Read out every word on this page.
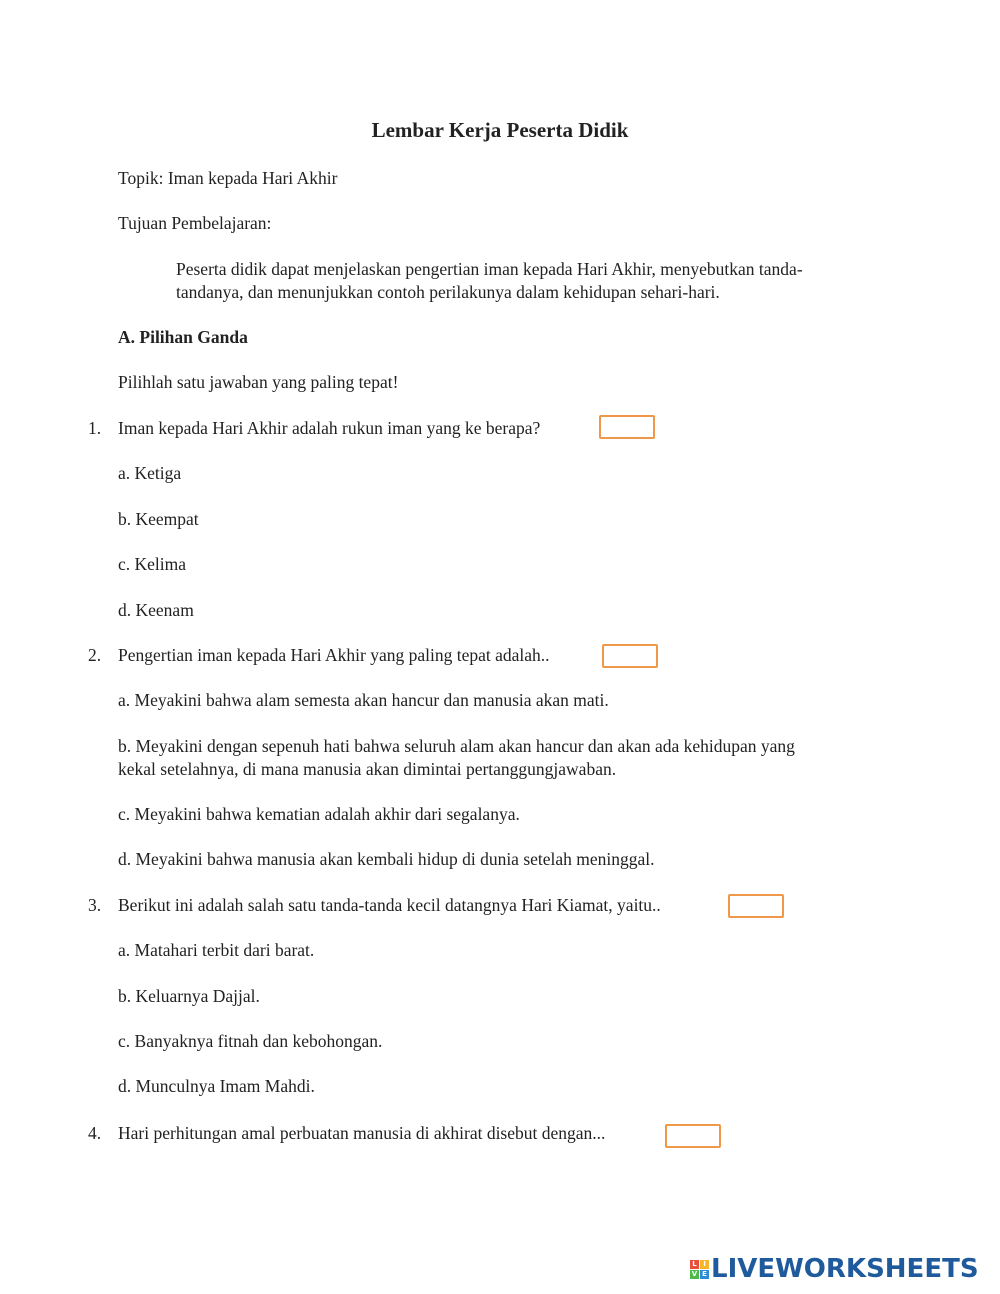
Lembar Kerja Peserta Didik
Topik: Iman kepada Hari Akhir
Tujuan Pembelajaran:
Peserta didik dapat menjelaskan pengertian iman kepada Hari Akhir, menyebutkan tanda-
tandanya, dan menunjukkan contoh perilakunya dalam kehidupan sehari-hari.
A. Pilihan Ganda
Pilihlah satu jawaban yang paling tepat!
1. Iman kepada Hari Akhir adalah rukun iman yang ke berapa?
a. Ketiga
b. Keempat
c. Kelima
d. Keenam
2. Pengertian iman kepada Hari Akhir yang paling tepat adalah..
a. Meyakini bahwa alam semesta akan hancur dan manusia akan mati.
b. Meyakini dengan sepenuh hati bahwa seluruh alam akan hancur dan akan ada kehidupan yang
kekal setelahnya, di mana manusia akan dimintai pertanggungjawaban.
c. Meyakini bahwa kematian adalah akhir dari segalanya.
d. Meyakini bahwa manusia akan kembali hidup di dunia setelah meninggal.
3. Berikut ini adalah salah satu tanda-tanda kecil datangnya Hari Kiamat, yaitu..
a. Matahari terbit dari barat.
b. Keluarnya Dajjal.
c. Banyaknya fitnah dan kebohongan.
d. Munculnya Imam Mahdi.
4. Hari perhitungan amal perbuatan manusia di akhirat disebut dengan...
L I
V E LIVEWORKSHEETS
